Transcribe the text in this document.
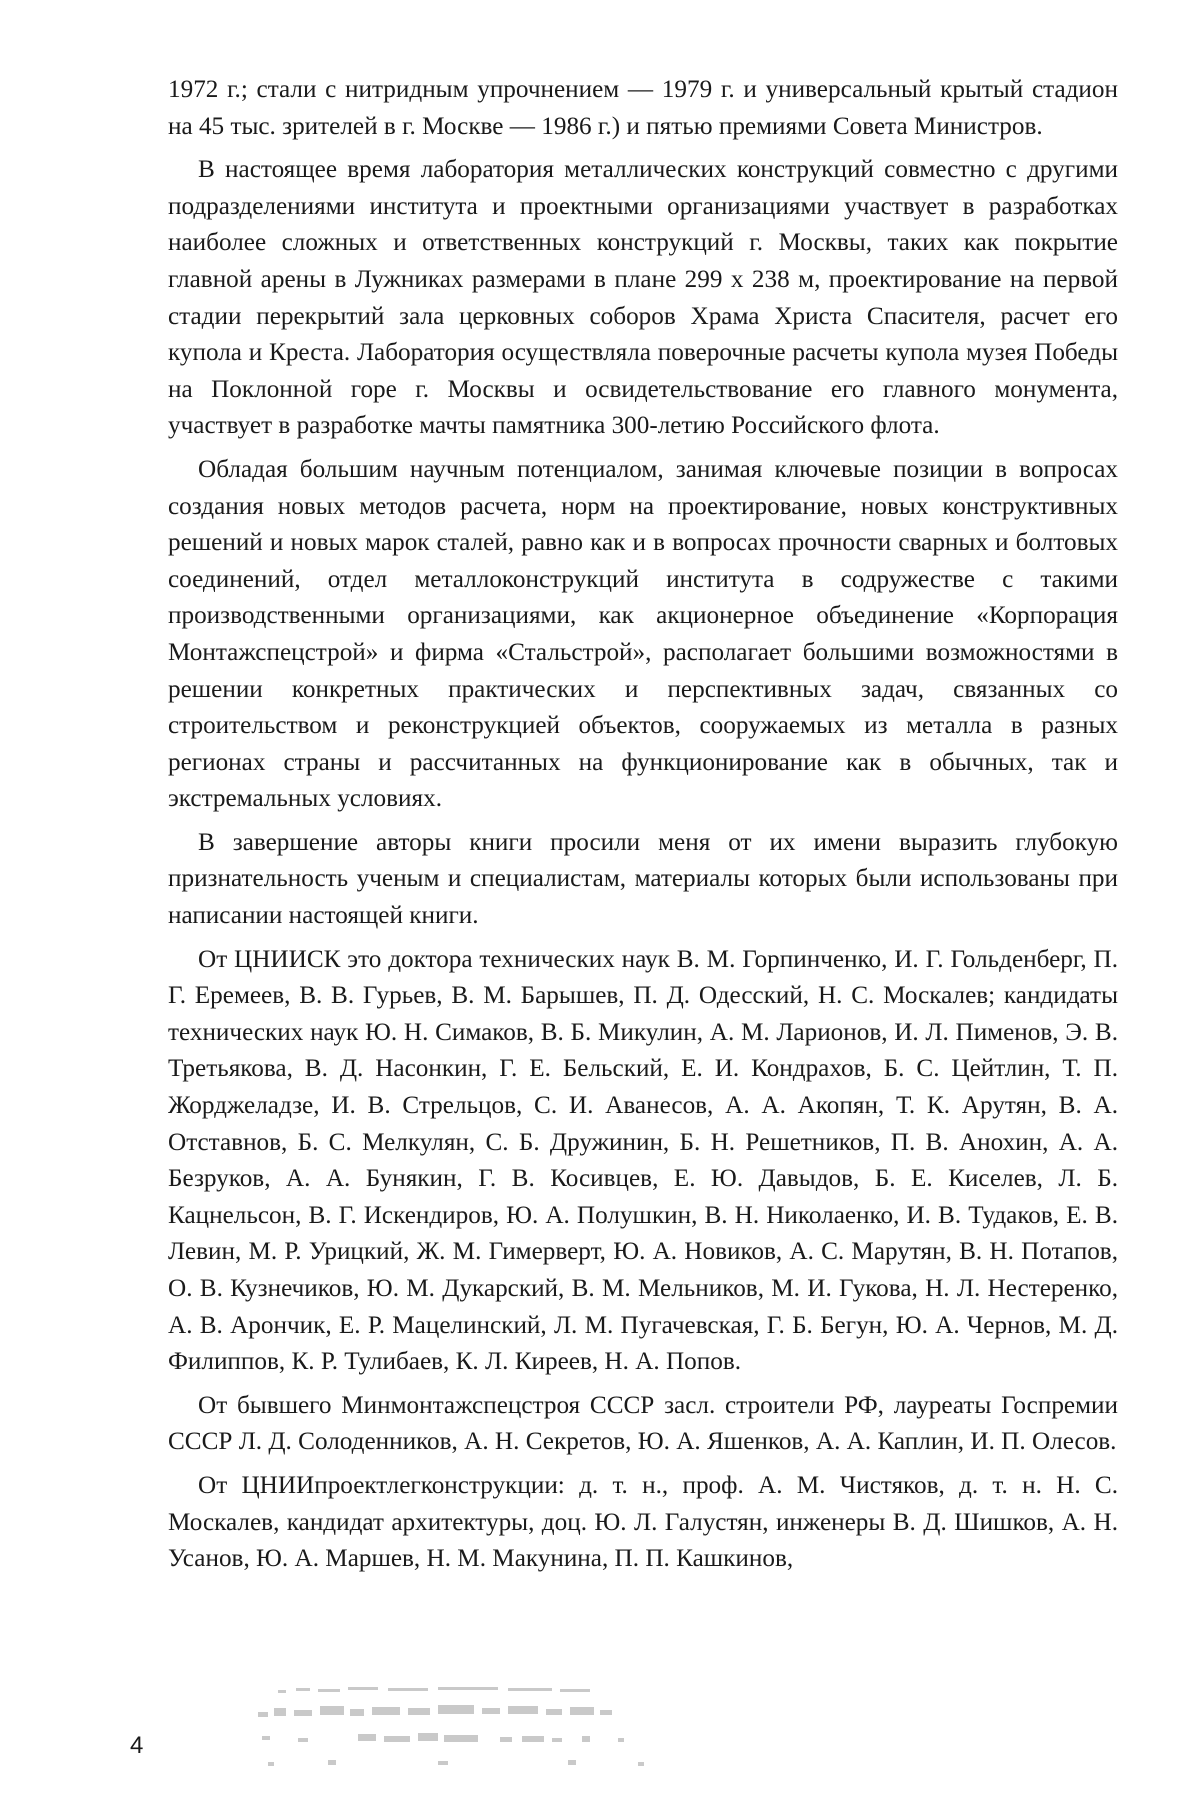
1972 г.; стали с нитридным упрочнением — 1979 г. и универсальный крытый стадион на 45 тыс. зрителей в г. Москве — 1986 г.) и пятью премиями Совета Министров.

В настоящее время лаборатория металлических конструкций совместно с другими подразделениями института и проектными организациями участвует в разработках наиболее сложных и ответственных конструкций г. Москвы, таких как покрытие главной арены в Лужниках размерами в плане 299 х 238 м, проектирование на первой стадии перекрытий зала церковных соборов Храма Христа Спасителя, расчет его купола и Креста. Лаборатория осуществляла поверочные расчеты купола музея Победы на Поклонной горе г. Москвы и освидетельствование его главного монумента, участвует в разработке мачты памятника 300-летию Российского флота.

Обладая большим научным потенциалом, занимая ключевые позиции в вопросах создания новых методов расчета, норм на проектирование, новых конструктивных решений и новых марок сталей, равно как и в вопросах прочности сварных и болтовых соединений, отдел металлоконструкций института в содружестве с такими производственными организациями, как акционерное объединение «Корпорация Монтажспецстрой» и фирма «Стальстрой», располагает большими возможностями в решении конкретных практических и перспективных задач, связанных со строительством и реконструкцией объектов, сооружаемых из металла в разных регионах страны и рассчитанных на функционирование как в обычных, так и экстремальных условиях.

В завершение авторы книги просили меня от их имени выразить глубокую признательность ученым и специалистам, материалы которых были использованы при написании настоящей книги.

От ЦНИИСК это доктора технических наук В. М. Горпинченко, И. Г. Гольденберг, П. Г. Еремеев, В. В. Гурьев, В. М. Барышев, П. Д. Одесский, Н. С. Москалев; кандидаты технических наук Ю. Н. Симаков, В. Б. Микулин, А. М. Ларионов, И. Л. Пименов, Э. В. Третьякова, В. Д. Насонкин, Г. Е. Бельский, Е. И. Кондрахов, Б. С. Цейтлин, Т. П. Жорджеладзе, И. В. Стрельцов, С. И. Аванесов, А. А. Акопян, Т. К. Арутян, В. А. Отставнов, Б. С. Мелкулян, С. Б. Дружинин, Б. Н. Решетников, П. В. Анохин, А. А. Безруков, А. А. Бунякин, Г. В. Косивцев, Е. Ю. Давыдов, Б. Е. Киселев, Л. Б. Кацнельсон, В. Г. Искендиров, Ю. А. Полушкин, В. Н. Николаенко, И. В. Тудаков, Е. В. Левин, М. Р. Урицкий, Ж. М. Гимерверт, Ю. А. Новиков, А. С. Марутян, В. Н. Потапов, О. В. Кузнечиков, Ю. М. Дукарский, В. М. Мельников, М. И. Гукова, Н. Л. Нестеренко, А. В. Арончик, Е. Р. Мацелинский, Л. М. Пугачевская, Г. Б. Бегун, Ю. А. Чернов, М. Д. Филиппов, К. Р. Тулибаев, К. Л. Киреев, Н. А. Попов.

От бывшего Минмонтажспецстроя СССР засл. строители РФ, лауреаты Госпремии СССР Л. Д. Солоденников, А. Н. Секретов, Ю. А. Яшенков, А. А. Каплин, И. П. Олесов.

От ЦНИИпроектлегконструкции: д. т. н., проф. А. М. Чистяков, д. т. н. Н. С. Москалев, кандидат архитектуры, доц. Ю. Л. Галустян, инженеры В. Д. Шишков, А. Н. Усанов, Ю. А. Маршев, Н. М. Макунина, П. П. Кашкинов,

4
